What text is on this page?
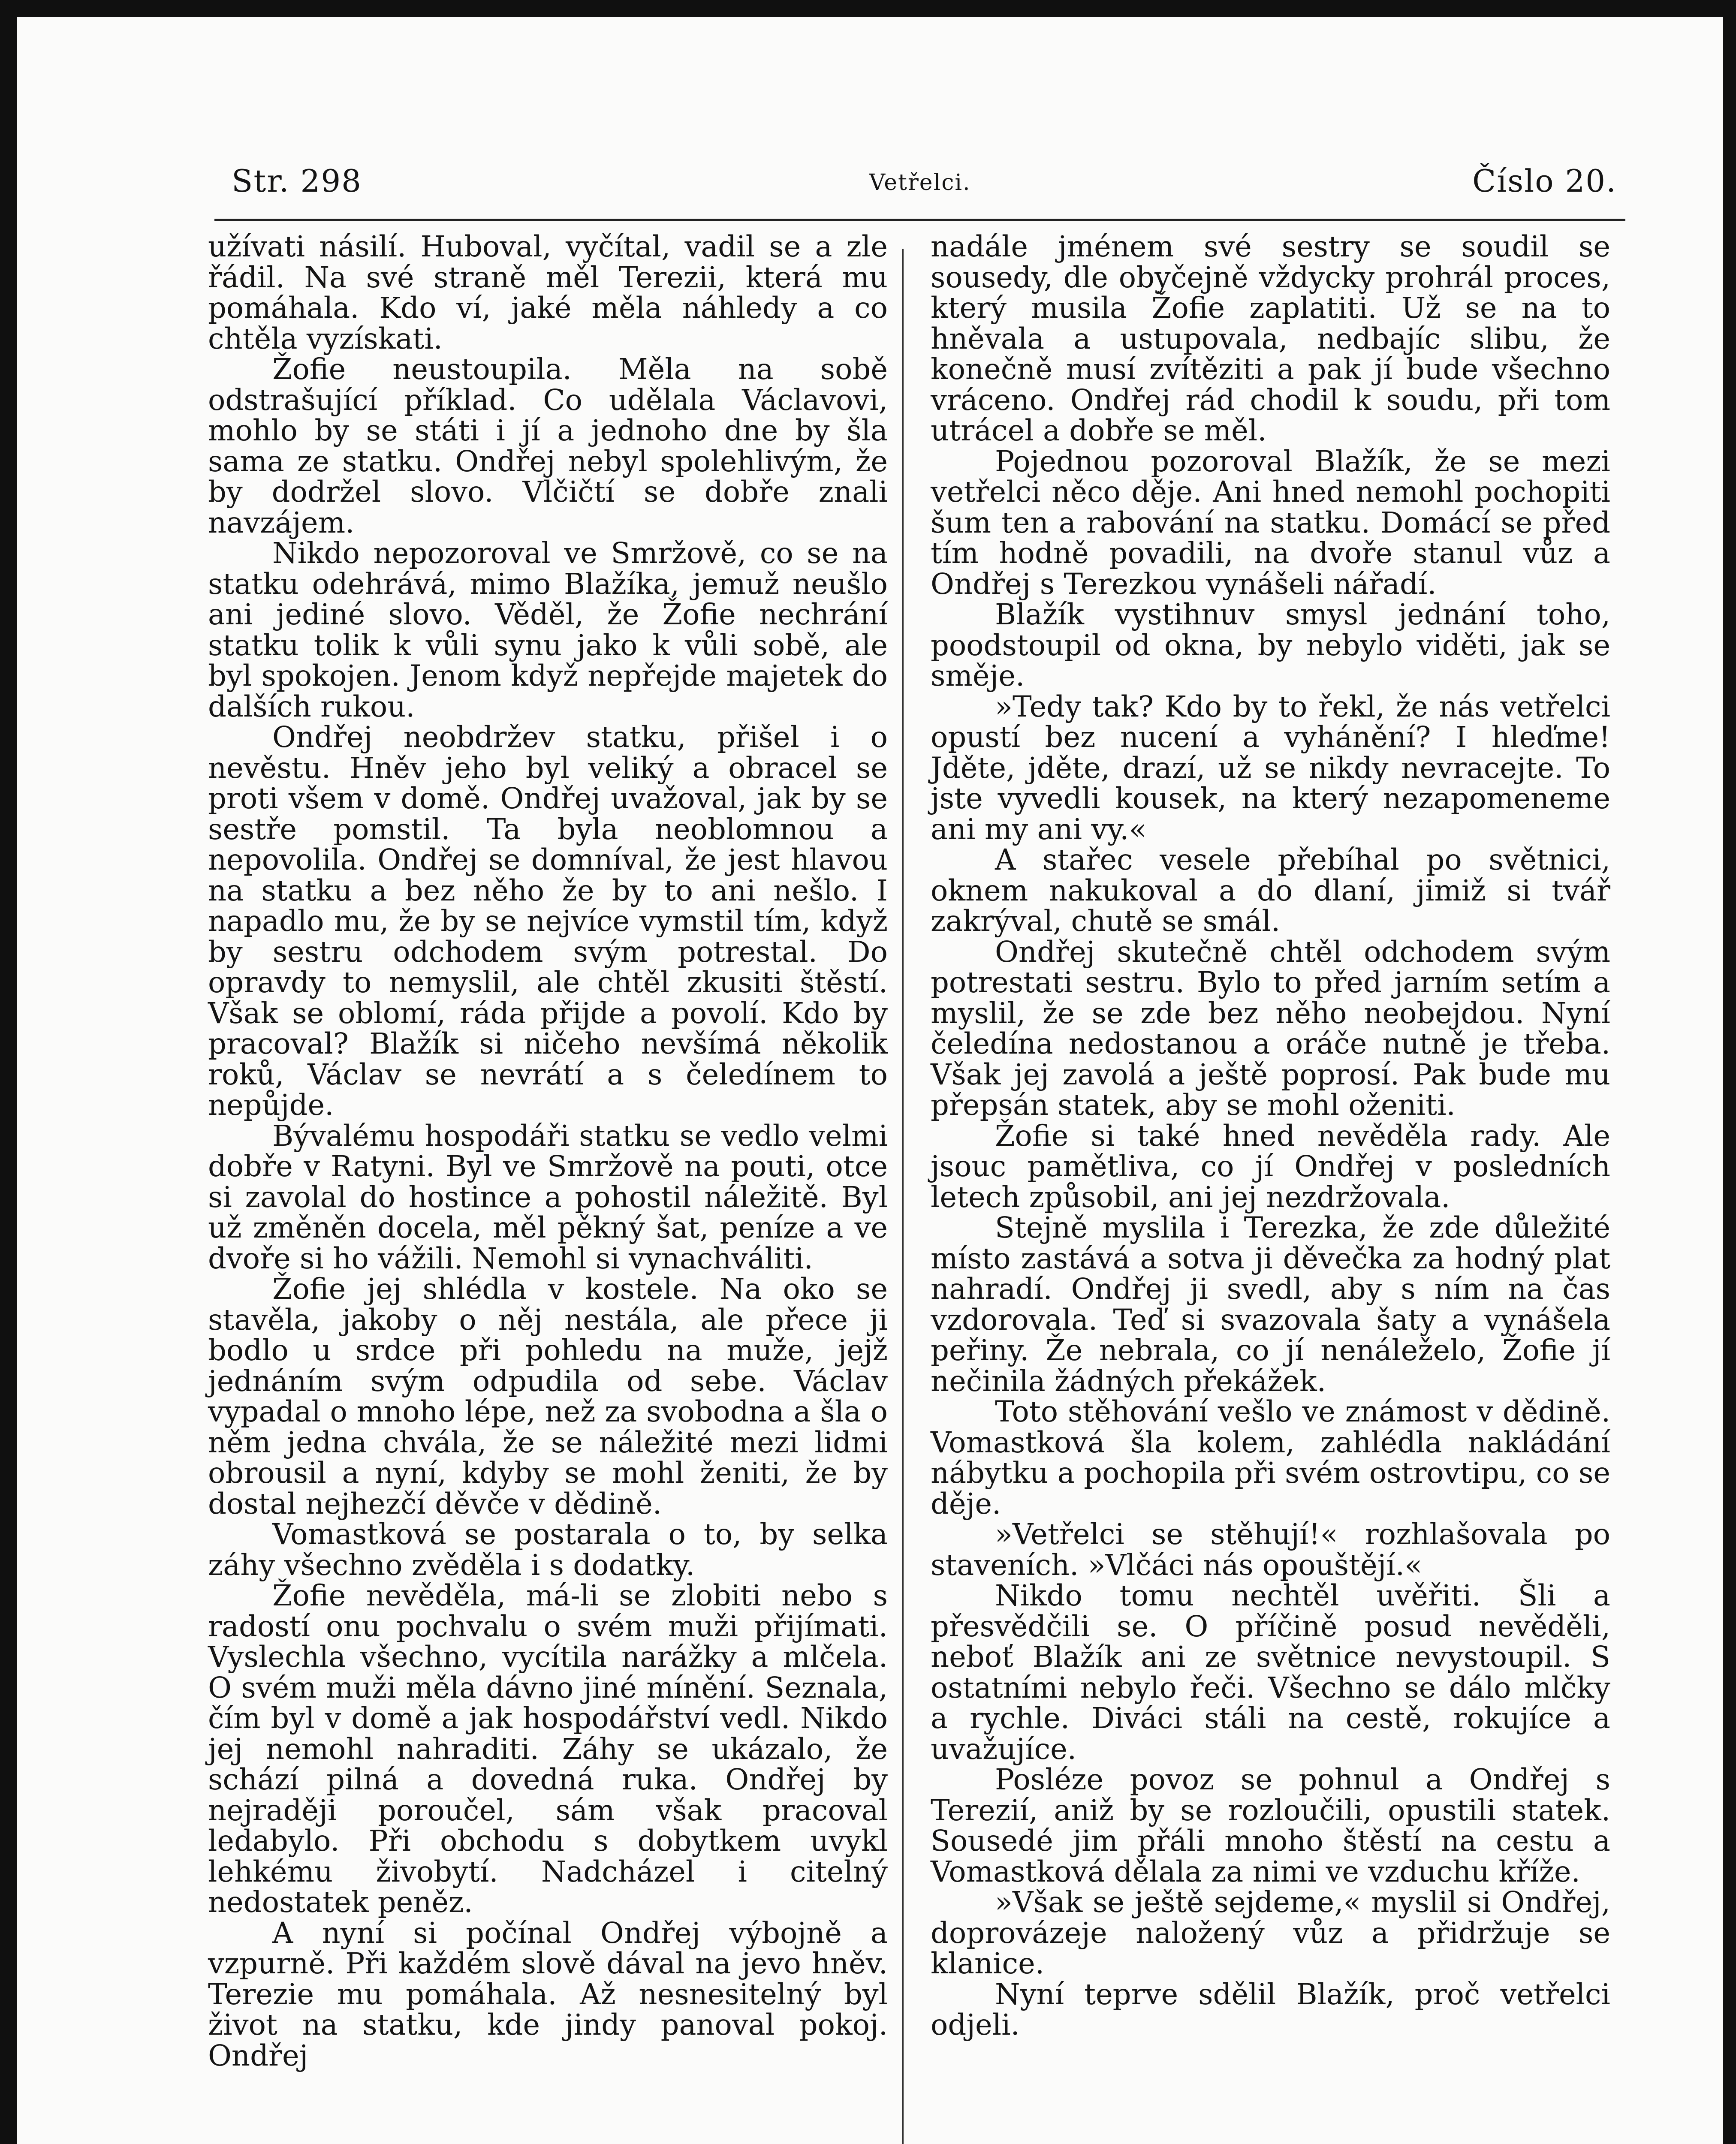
Str. 298	Vetřelci.	Číslo 20.

užívati násilí. Huboval, vyčítal, vadil se a zle řádil. Na své straně měl Terezii, která mu pomáhala. Kdo ví, jaké měla náhledy a co chtěla vyzískati.

Žofie neustoupila. Měla na sobě odstrašující příklad. Co udělala Václavovi, mohlo by se státi i jí a jednoho dne by šla sama ze statku. Ondřej nebyl spolehlivým, že by dodržel slovo. Vlčičtí se dobře znali navzájem.

Nikdo nepozoroval ve Smržově, co se na statku odehrává, mimo Blažíka, jemuž neušlo ani jediné slovo. Věděl, že Žofie nechrání statku tolik k vůli synu jako k vůli sobě, ale byl spokojen. Jenom když nepřejde majetek do dalších rukou.

Ondřej neobdržev statku, přišel i o nevěstu. Hněv jeho byl veliký a obracel se proti všem v domě. Ondřej uvažoval, jak by se sestře pomstil. Ta byla neoblomnou a nepovolila. Ondřej se domníval, že jest hlavou na statku a bez něho že by to ani nešlo. I napadlo mu, že by se nejvíce vymstil tím, když by sestru odchodem svým potrestal. Do opravdy to nemyslil, ale chtěl zkusiti štěstí. Však se oblomí, ráda přijde a povolí. Kdo by pracoval? Blažík si ničeho nevšímá několik roků, Václav se nevrátí a s čeledínem to nepůjde.

Bývalému hospodáři statku se vedlo velmi dobře v Ratyni. Byl ve Smržově na pouti, otce si zavolal do hostince a pohostil náležitě. Byl už změněn docela, měl pěkný šat, peníze a ve dvoře si ho vážili. Nemohl si vynachváliti.

Žofie jej shlédla v kostele. Na oko se stavěla, jakoby o něj nestála, ale přece ji bodlo u srdce při pohledu na muže, jejž jednáním svým odpudila od sebe. Václav vypadal o mnoho lépe, než za svobodna a šla o něm jedna chvála, že se náležité mezi lidmi obrousil a nyní, kdyby se mohl ženiti, že by dostal nejhezčí děvče v dědině.

Vomastková se postarala o to, by selka záhy všechno zvěděla i s dodatky.

Žofie nevěděla, má-li se zlobiti nebo s radostí onu pochvalu o svém muži přijímati. Vyslechla všechno, vycítila narážky a mlčela. O svém muži měla dávno jiné mínění. Seznala, čím byl v domě a jak hospodářství vedl. Nikdo jej nemohl nahraditi. Záhy se ukázalo, že schází pilná a dovedná ruka. Ondřej by nejraději poroučel, sám však pracoval ledabylo. Při obchodu s dobytkem uvykl lehkému živobytí. Nadcházel i citelný nedostatek peněz.

A nyní si počínal Ondřej výbojně a vzpurně. Při každém slově dával na jevo hněv. Terezie mu pomáhala. Až nesnesitelný byl život na statku, kde jindy panoval pokoj. Ondřej

nadále jménem své sestry se soudil se sousedy, dle obyčejně vždycky prohrál proces, který musila Žofie zaplatiti. Už se na to hněvala a ustupovala, nedbajíc slibu, že konečně musí zvítěziti a pak jí bude všechno vráceno. Ondřej rád chodil k soudu, při tom utrácel a dobře se měl.

Pojednou pozoroval Blažík, že se mezi vetřelci něco děje. Ani hned nemohl pochopiti šum ten a rabování na statku. Domácí se před tím hodně povadili, na dvoře stanul vůz a Ondřej s Terezkou vynášeli nářadí.

Blažík vystihnuv smysl jednání toho, poodstoupil od okna, by nebylo viděti, jak se směje.

»Tedy tak? Kdo by to řekl, že nás vetřelci opustí bez nucení a vyhánění? I hleďme! Jděte, jděte, drazí, už se nikdy nevracejte. To jste vyvedli kousek, na který nezapomeneme ani my ani vy.«

A stařec vesele přebíhal po světnici, oknem nakukoval a do dlaní, jimiž si tvář zakrýval, chutě se smál.

Ondřej skutečně chtěl odchodem svým potrestati sestru. Bylo to před jarním setím a myslil, že se zde bez něho neobejdou. Nyní čeledína nedostanou a oráče nutně je třeba. Však jej zavolá a ještě poprosí. Pak bude mu přepsán statek, aby se mohl oženiti.

Žofie si také hned nevěděla rady. Ale jsouc pamětliva, co jí Ondřej v posledních letech způsobil, ani jej nezdržovala.

Stejně myslila i Terezka, že zde důležité místo zastává a sotva ji děvečka za hodný plat nahradí. Ondřej ji svedl, aby s ním na čas vzdorovala. Teď si svazovala šaty a vynášela peřiny. Že nebrala, co jí nenáleželo, Žofie jí nečinila žádných překážek.

Toto stěhování vešlo ve známost v dědině. Vomastková šla kolem, zahlédla nakládání nábytku a pochopila při svém ostrovtipu, co se děje.

»Vetřelci se stěhují!« rozhlašovala po staveních. »Vlčáci nás opouštějí.«

Nikdo tomu nechtěl uvěřiti. Šli a přesvědčili se. O příčině posud nevěděli, neboť Blažík ani ze světnice nevystoupil. S ostatními nebylo řeči. Všechno se dálo mlčky a rychle. Diváci stáli na cestě, rokujíce a uvažujíce.

Posléze povoz se pohnul a Ondřej s Terezií, aniž by se rozloučili, opustili statek. Sousedé jim přáli mnoho štěstí na cestu a Vomastková dělala za nimi ve vzduchu kříže.

»Však se ještě sejdeme,« myslil si Ondřej, doprovázeje naložený vůz a přidržuje se klanice.

Nyní teprve sdělil Blažík, proč vetřelci odjeli.
